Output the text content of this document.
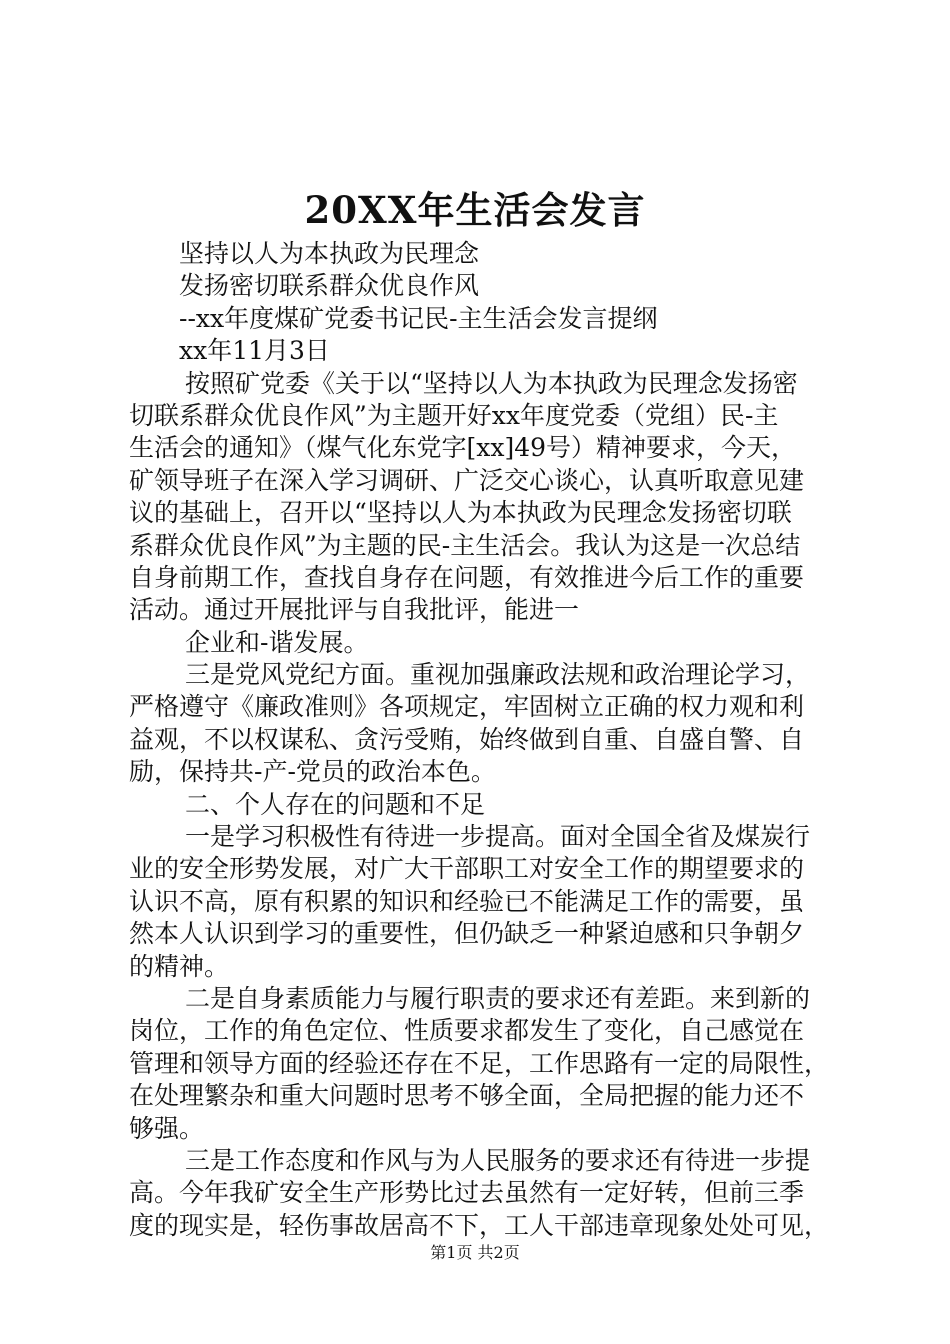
20XX年生活会发言
坚持以人为本执政为民理念
发扬密切联系群众优良作风
--xx年度煤矿党委书记民-主生活会发言提纲
xx年11月3日
按照矿党委《关于以“坚持以人为本执政为民理念发扬密
切联系群众优良作风”为主题开好xx年度党委（党组）民-主
生活会的通知》（煤气化东党字[xx]49号）精神要求，今天，
矿领导班子在深入学习调研、广泛交心谈心，认真听取意见建
议的基础上，召开以“坚持以人为本执政为民理念发扬密切联
系群众优良作风”为主题的民-主生活会。我认为这是一次总结
自身前期工作，查找自身存在问题，有效推进今后工作的重要
活动。通过开展批评与自我批评，能进一
企业和-谐发展。
三是党风党纪方面。重视加强廉政法规和政治理论学习，
严格遵守《廉政准则》各项规定，牢固树立正确的权力观和利
益观，不以权谋私、贪污受贿，始终做到自重、自盛自警、自
励，保持共-产-党员的政治本色。
二、个人存在的问题和不足
一是学习积极性有待进一步提高。面对全国全省及煤炭行
业的安全形势发展，对广大干部职工对安全工作的期望要求的
认识不高，原有积累的知识和经验已不能满足工作的需要，虽
然本人认识到学习的重要性，但仍缺乏一种紧迫感和只争朝夕
的精神。
二是自身素质能力与履行职责的要求还有差距。来到新的
岗位，工作的角色定位、性质要求都发生了变化，自己感觉在
管理和领导方面的经验还存在不足，工作思路有一定的局限性，
在处理繁杂和重大问题时思考不够全面，全局把握的能力还不
够强。
三是工作态度和作风与为人民服务的要求还有待进一步提
高。今年我矿安全生产形势比过去虽然有一定好转，但前三季
度的现实是，轻伤事故居高不下，工人干部违章现象处处可见，
第1页 共2页
